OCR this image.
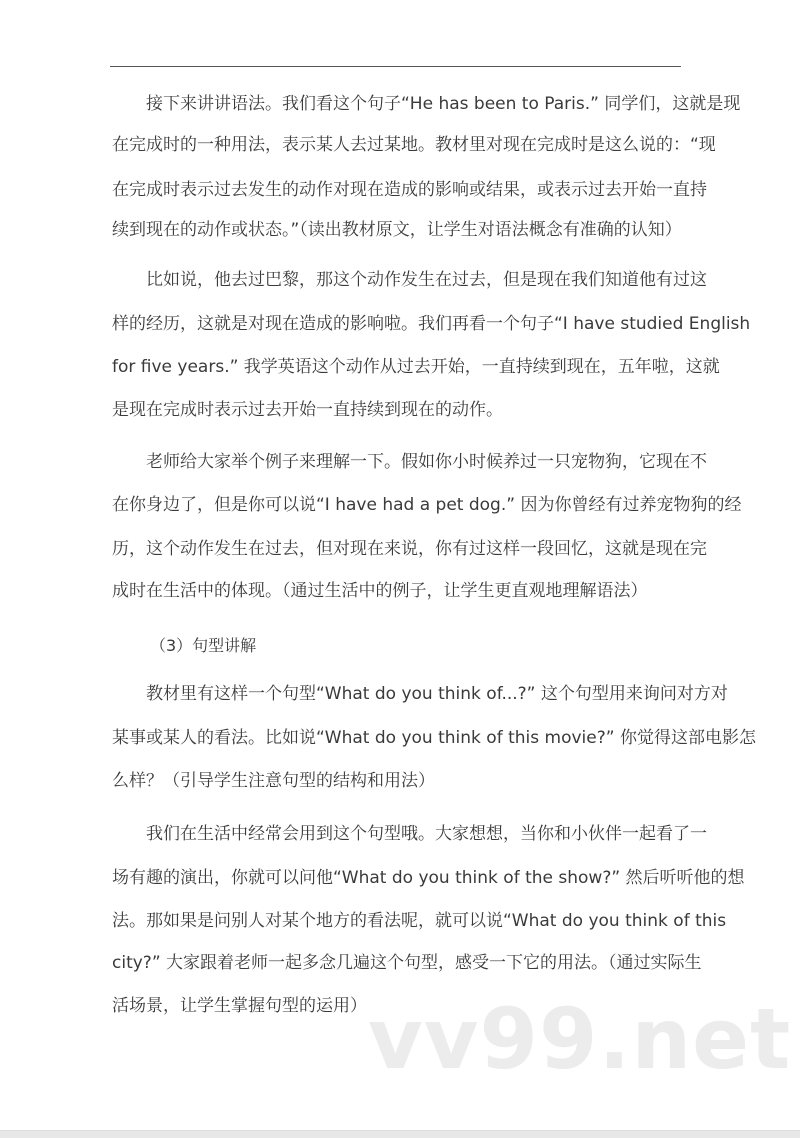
接下来讲讲语法。我们看这个句子“He has been to Paris.” 同学们，这就是现
在完成时的一种用法，表示某人去过某地。教材里对现在完成时是这么说的：“现
在完成时表示过去发生的动作对现在造成的影响或结果，或表示过去开始一直持
续到现在的动作或状态。”（读出教材原文，让学生对语法概念有准确的认知）
比如说，他去过巴黎，那这个动作发生在过去，但是现在我们知道他有过这
样的经历，这就是对现在造成的影响啦。我们再看一个句子“I have studied English
for five years.” 我学英语这个动作从过去开始，一直持续到现在，五年啦，这就
是现在完成时表示过去开始一直持续到现在的动作。
老师给大家举个例子来理解一下。假如你小时候养过一只宠物狗，它现在不
在你身边了，但是你可以说“I have had a pet dog.” 因为你曾经有过养宠物狗的经
历，这个动作发生在过去，但对现在来说，你有过这样一段回忆，这就是现在完
成时在生活中的体现。（通过生活中的例子，让学生更直观地理解语法）
（3）句型讲解
教材里有这样一个句型“What do you think of...?” 这个句型用来询问对方对
某事或某人的看法。比如说“What do you think of this movie?” 你觉得这部电影怎
么样？（引导学生注意句型的结构和用法）
我们在生活中经常会用到这个句型哦。大家想想，当你和小伙伴一起看了一
场有趣的演出，你就可以问他“What do you think of the show?” 然后听听他的想
法。那如果是问别人对某个地方的看法呢，就可以说“What do you think of this
city?” 大家跟着老师一起多念几遍这个句型，感受一下它的用法。（通过实际生
活场景，让学生掌握句型的运用） vv99.net
